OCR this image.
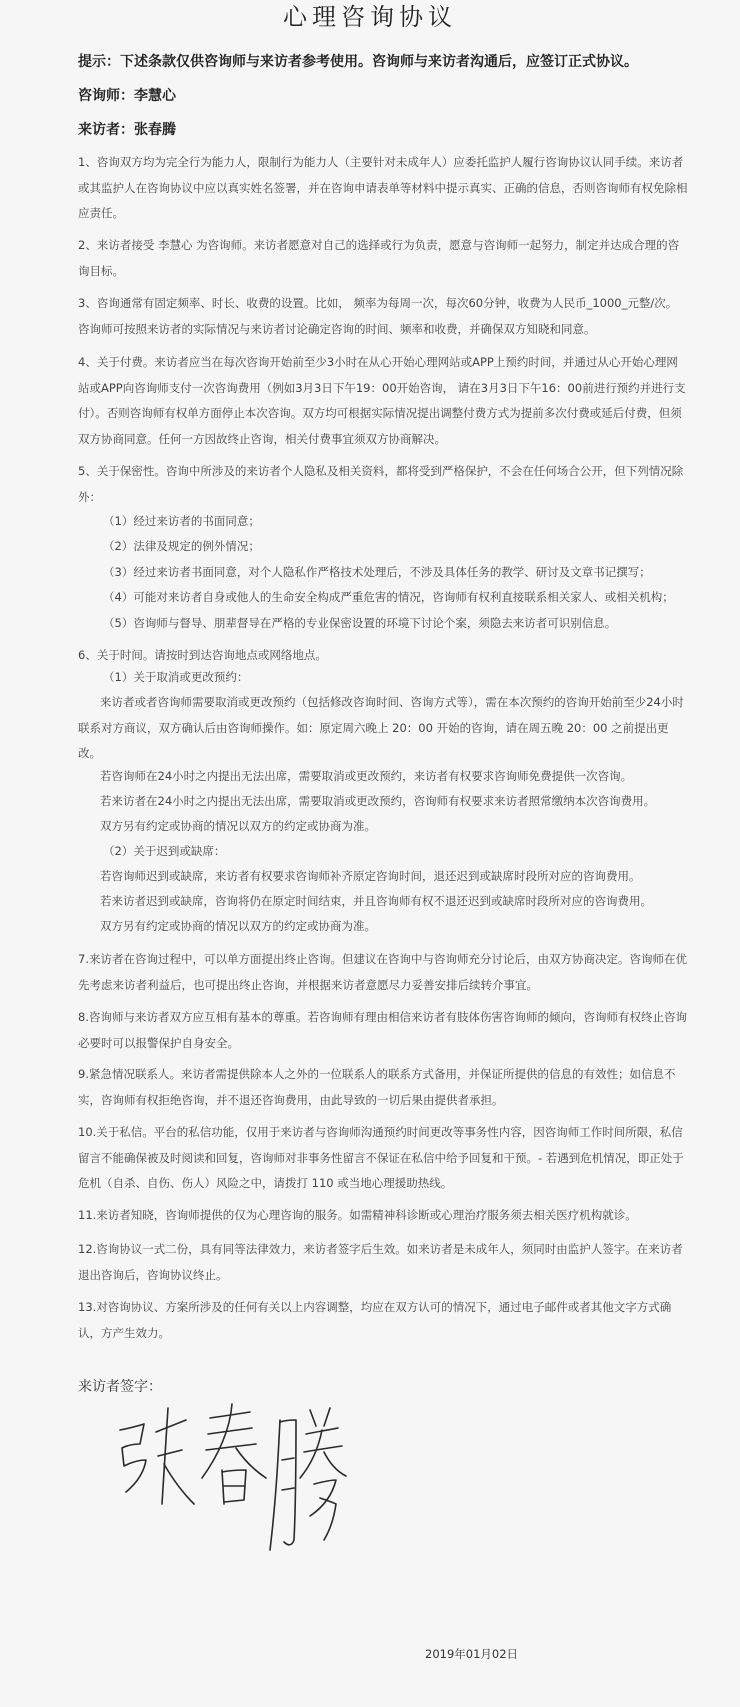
心理咨询协议
提示：下述条款仅供咨询师与来访者参考使用。咨询师与来访者沟通后，应签订正式协议。
咨询师：李慧心
来访者：张春腾
1、咨询双方均为完全行为能力人，限制行为能力人（主要针对未成年人）应委托监护人履行咨询协议认同手续。来访者或其监护人在咨询协议中应以真实姓名签署，并在咨询申请表单等材料中提示真实、正确的信息，否则咨询师有权免除相应责任。
2、来访者接受 李慧心 为咨询师。来访者愿意对自己的选择或行为负责，愿意与咨询师一起努力，制定并达成合理的咨询目标。
3、咨询通常有固定频率、时长、收费的设置。比如， 频率为每周一次，每次60分钟，收费为人民币_1000_元整/次。咨询师可按照来访者的实际情况与来访者讨论确定咨询的时间、频率和收费，并确保双方知晓和同意。
4、关于付费。来访者应当在每次咨询开始前至少3小时在从心开始心理网站或APP上预约时间，并通过从心开始心理网站或APP向咨询师支付一次咨询费用（例如3月3日下午19：00开始咨询， 请在3月3日下午16：00前进行预约并进行支付）。否则咨询师有权单方面停止本次咨询。双方均可根据实际情况提出调整付费方式为提前多次付费或延后付费，但须双方协商同意。任何一方因故终止咨询，相关付费事宜须双方协商解决。
5、关于保密性。咨询中所涉及的来访者个人隐私及相关资料，都将受到严格保护，不会在任何场合公开，但下列情况除外：
（1）经过来访者的书面同意；
（2）法律及规定的例外情况；
（3）经过来访者书面同意，对个人隐私作严格技术处理后，不涉及具体任务的教学、研讨及文章书记撰写；
（4）可能对来访者自身或他人的生命安全构成严重危害的情况，咨询师有权利直接联系相关家人、或相关机构；
（5）咨询师与督导、朋辈督导在严格的专业保密设置的环境下讨论个案，须隐去来访者可识别信息。
6、关于时间。请按时到达咨询地点或网络地点。
（1）关于取消或更改预约：
来访者或者咨询师需要取消或更改预约（包括修改咨询时间、咨询方式等），需在本次预约的咨询开始前至少24小时联系对方商议，双方确认后由咨询师操作。如：原定周六晚上 20：00 开始的咨询，请在周五晚 20：00 之前提出更改。
若咨询师在24小时之内提出无法出席，需要取消或更改预约，来访者有权要求咨询师免费提供一次咨询。
若来访者在24小时之内提出无法出席，需要取消或更改预约，咨询师有权要求来访者照常缴纳本次咨询费用。
双方另有约定或协商的情况以双方的约定或协商为准。
（2）关于迟到或缺席：
若咨询师迟到或缺席，来访者有权要求咨询师补齐原定咨询时间，退还迟到或缺席时段所对应的咨询费用。
若来访者迟到或缺席，咨询将仍在原定时间结束，并且咨询师有权不退还迟到或缺席时段所对应的咨询费用。
双方另有约定或协商的情况以双方的约定或协商为准。
7.来访者在咨询过程中，可以单方面提出终止咨询。但建议在咨询中与咨询师充分讨论后，由双方协商决定。咨询师在优先考虑来访者利益后，也可提出终止咨询，并根据来访者意愿尽力妥善安排后续转介事宜。
8.咨询师与来访者双方应互相有基本的尊重。若咨询师有理由相信来访者有肢体伤害咨询师的倾向，咨询师有权终止咨询必要时可以报警保护自身安全。
9.紧急情况联系人。来访者需提供除本人之外的一位联系人的联系方式备用，并保证所提供的信息的有效性；如信息不实，咨询师有权拒绝咨询，并不退还咨询费用，由此导致的一切后果由提供者承担。
10.关于私信。平台的私信功能，仅用于来访者与咨询师沟通预约时间更改等事务性内容，因咨询师工作时间所限，私信留言不能确保被及时阅读和回复，咨询师对非事务性留言不保证在私信中给予回复和干预。- 若遇到危机情况，即正处于危机（自杀、自伤、伤人）风险之中，请拨打 110 或当地心理援助热线。
11.来访者知晓，咨询师提供的仅为心理咨询的服务。如需精神科诊断或心理治疗服务须去相关医疗机构就诊。
12.咨询协议一式二份，具有同等法律效力，来访者签字后生效。如来访者是未成年人，须同时由监护人签字。在来访者退出咨询后，咨询协议终止。
13.对咨询协议、方案所涉及的任何有关以上内容调整，均应在双方认可的情况下，通过电子邮件或者其他文字方式确认，方产生效力。
来访者签字：
2019年01月02日
